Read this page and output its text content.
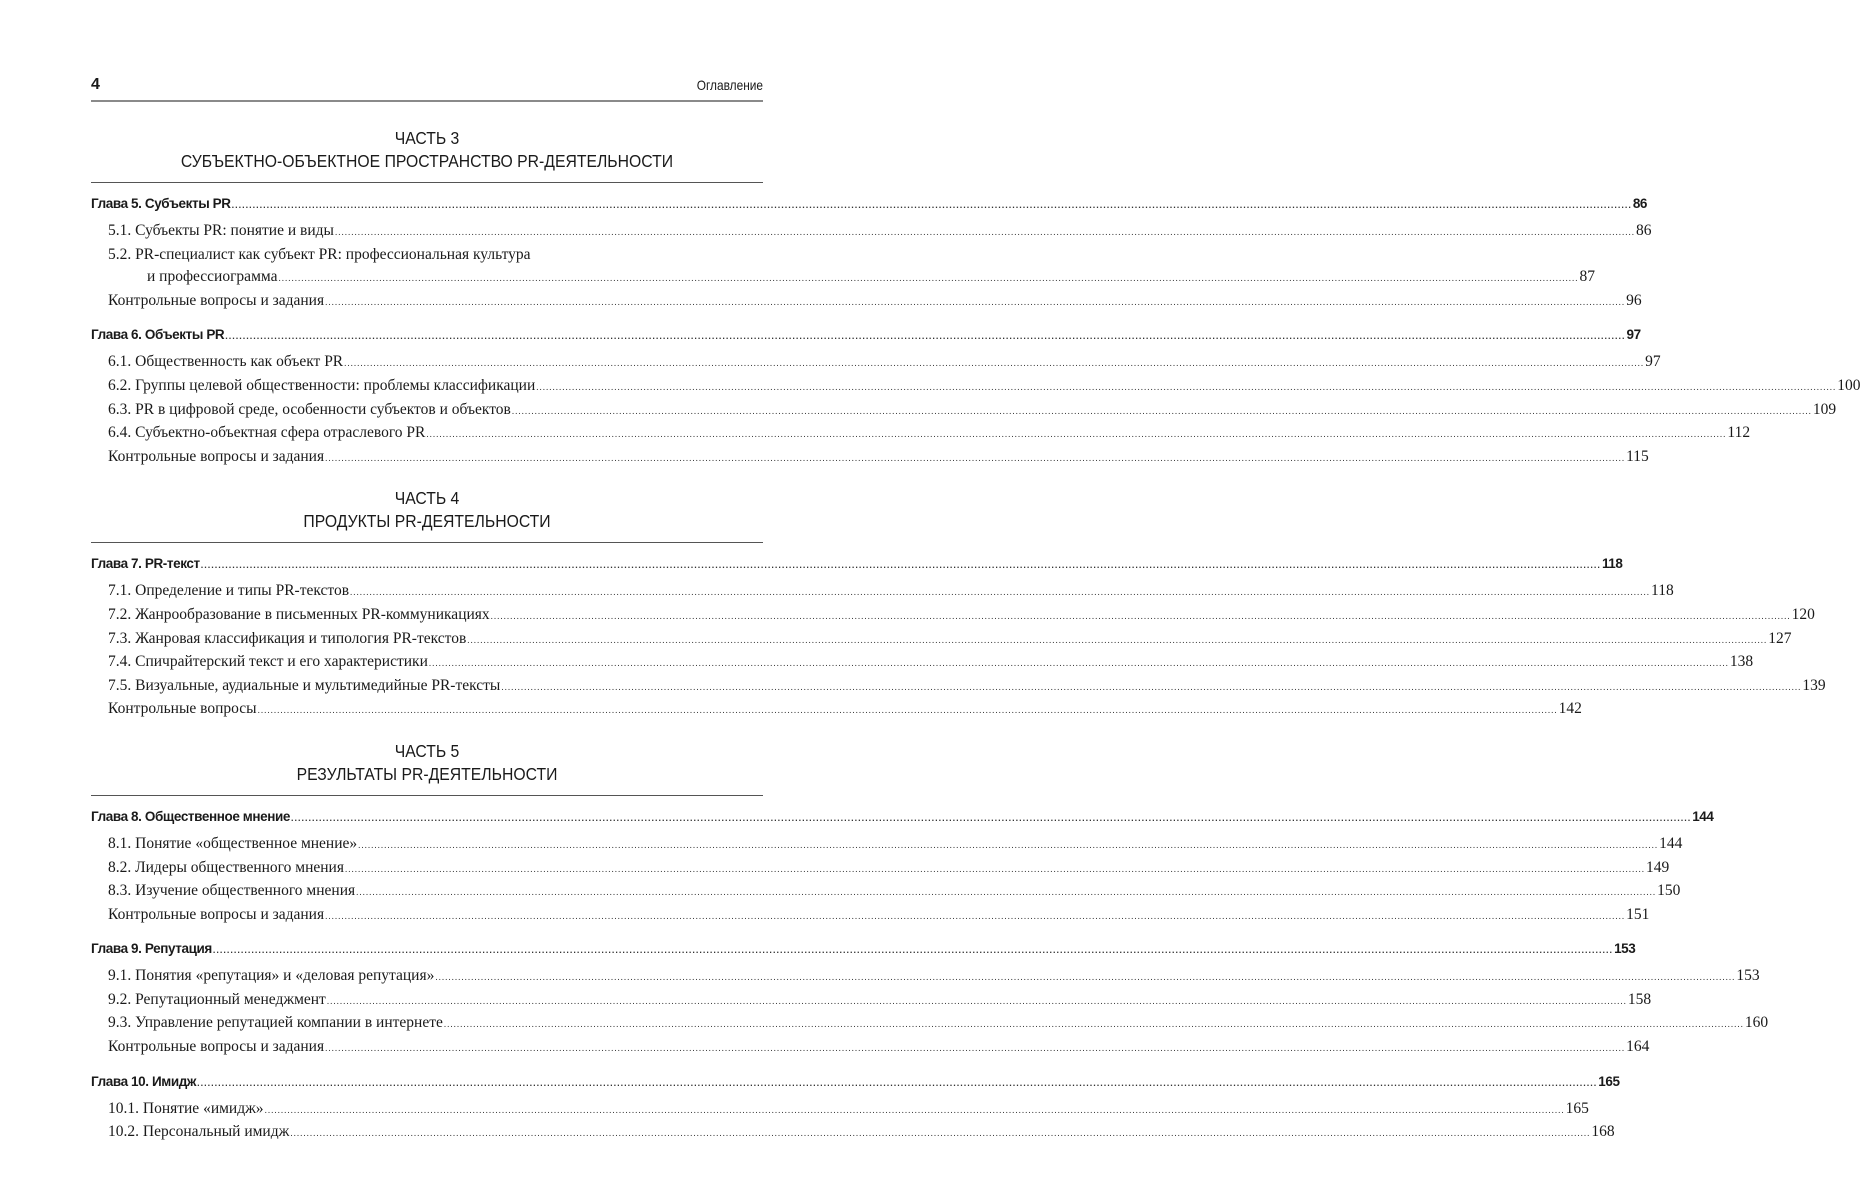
4	Оглавление
ЧАСТЬ 3
СУБЪЕКТНО-ОБЪЕКТНОЕ ПРОСТРАНСТВО PR-ДЕЯТЕЛЬНОСТИ
Глава 5. Субъекты PR ................................................................................................................................................................................................................................................................................................................................................................................................................ 86
5.1. Субъекты PR: понятие и виды ................................................................................................................................................................................................................................................................................................................................................................................................................ 86
5.2. PR-специалист как субъект PR: профессиональная культура
и профессиограмма ................................................................................................................................................................................................................................................................................................................................................................................................................ 87
Контрольные вопросы и задания ................................................................................................................................................................................................................................................................................................................................................................................................................ 96
Глава 6. Объекты PR ................................................................................................................................................................................................................................................................................................................................................................................................................ 97
6.1. Общественность как объект PR ................................................................................................................................................................................................................................................................................................................................................................................................................ 97
6.2. Группы целевой общественности: проблемы классификации ................................................................................................................................................................................................................................................................................................................................................................................................................ 100
6.3. PR в цифровой среде, особенности субъектов и объектов ................................................................................................................................................................................................................................................................................................................................................................................................................ 109
6.4. Субъектно-объектная сфера отраслевого PR ................................................................................................................................................................................................................................................................................................................................................................................................................ 112
Контрольные вопросы и задания ................................................................................................................................................................................................................................................................................................................................................................................................................ 115
ЧАСТЬ 4
ПРОДУКТЫ PR-ДЕЯТЕЛЬНОСТИ
Глава 7. PR-текст ................................................................................................................................................................................................................................................................................................................................................................................................................ 118
7.1. Определение и типы PR-текстов ................................................................................................................................................................................................................................................................................................................................................................................................................ 118
7.2. Жанрообразование в письменных PR-коммуникациях ................................................................................................................................................................................................................................................................................................................................................................................................................ 120
7.3. Жанровая классификация и типология PR-текстов ................................................................................................................................................................................................................................................................................................................................................................................................................ 127
7.4. Спичрайтерский текст и его характеристики ................................................................................................................................................................................................................................................................................................................................................................................................................ 138
7.5. Визуальные, аудиальные и мультимедийные PR-тексты ................................................................................................................................................................................................................................................................................................................................................................................................................ 139
Контрольные вопросы ................................................................................................................................................................................................................................................................................................................................................................................................................ 142
ЧАСТЬ 5
РЕЗУЛЬТАТЫ PR-ДЕЯТЕЛЬНОСТИ
Глава 8. Общественное мнение ................................................................................................................................................................................................................................................................................................................................................................................................................ 144
8.1. Понятие «общественное мнение» ................................................................................................................................................................................................................................................................................................................................................................................................................ 144
8.2. Лидеры общественного мнения ................................................................................................................................................................................................................................................................................................................................................................................................................ 149
8.3. Изучение общественного мнения ................................................................................................................................................................................................................................................................................................................................................................................................................ 150
Контрольные вопросы и задания ................................................................................................................................................................................................................................................................................................................................................................................................................ 151
Глава 9. Репутация ................................................................................................................................................................................................................................................................................................................................................................................................................ 153
9.1. Понятия «репутация» и «деловая репутация» ................................................................................................................................................................................................................................................................................................................................................................................................................ 153
9.2. Репутационный менеджмент ................................................................................................................................................................................................................................................................................................................................................................................................................ 158
9.3. Управление репутацией компании в интернете ................................................................................................................................................................................................................................................................................................................................................................................................................ 160
Контрольные вопросы и задания ................................................................................................................................................................................................................................................................................................................................................................................................................ 164
Глава 10. Имидж ................................................................................................................................................................................................................................................................................................................................................................................................................ 165
10.1. Понятие «имидж» ................................................................................................................................................................................................................................................................................................................................................................................................................ 165
10.2. Персональный имидж ................................................................................................................................................................................................................................................................................................................................................................................................................ 168
